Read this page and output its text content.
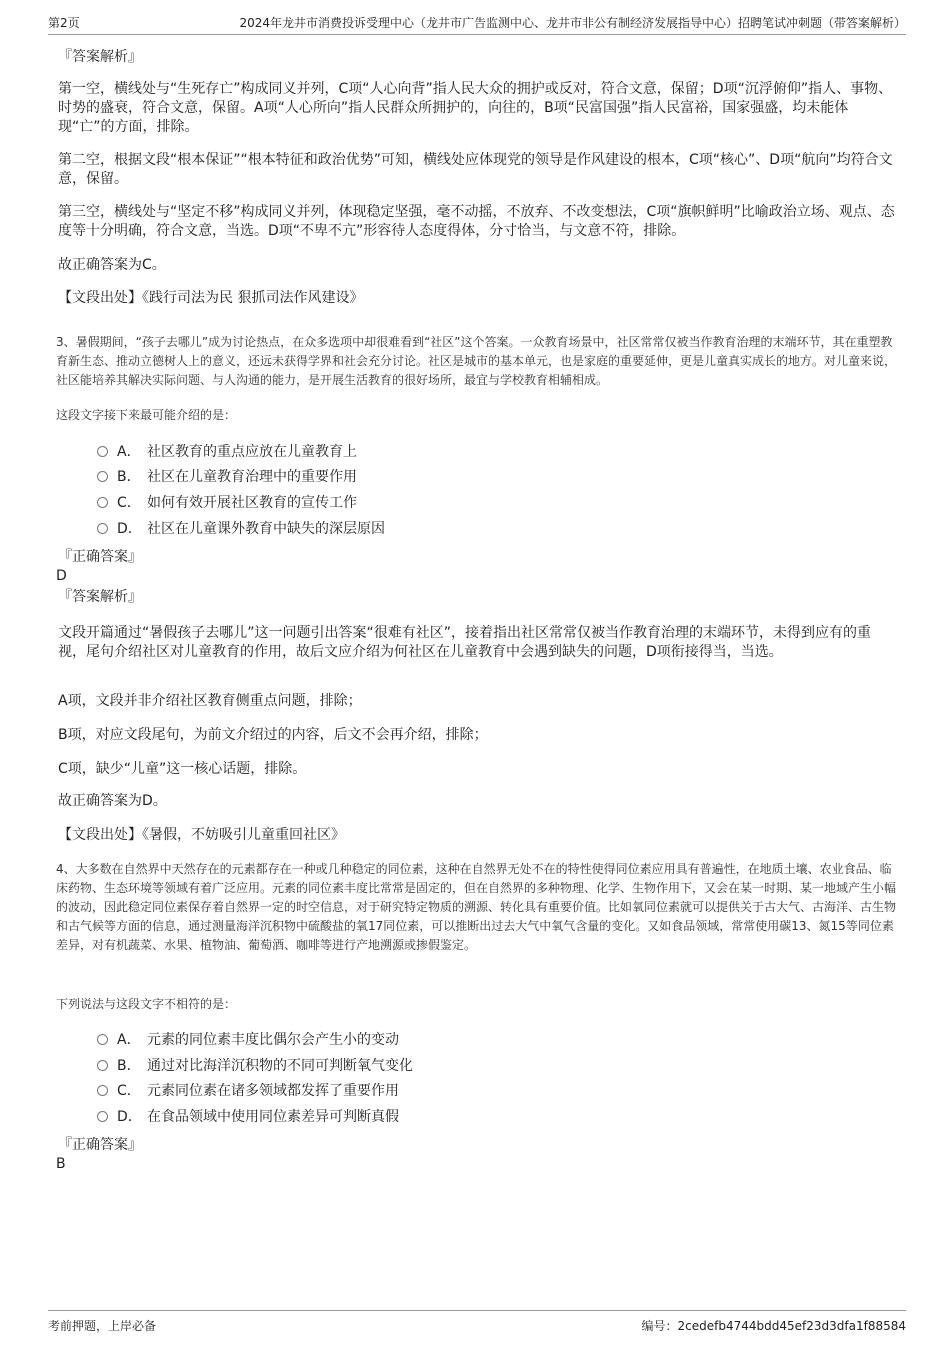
第2页	2024年龙井市消费投诉受理中心（龙井市广告监测中心、龙井市非公有制经济发展指导中心）招聘笔试冲刺题（带答案解析）
『答案解析』
第一空，横线处与“生死存亡”构成同义并列，C项“人心向背”指人民大众的拥护或反对，符合文意，保留；D项“沉浮俯仰”指人、事物、时势的盛衰，符合文意，保留。A项“人心所向”指人民群众所拥护的，向往的，B项“民富国强”指人民富裕，国家强盛，均未能体现“亡”的方面，排除。
第二空，根据文段“根本保证”“根本特征和政治优势”可知，横线处应体现党的领导是作风建设的根本，C项“核心”、D项“航向”均符合文意，保留。
第三空，横线处与“坚定不移”构成同义并列，体现稳定坚强，毫不动摇，不放弃、不改变想法，C项“旗帜鲜明”比喻政治立场、观点、态度等十分明确，符合文意，当选。D项“不卑不亢”形容待人态度得体，分寸恰当，与文意不符，排除。
故正确答案为C。
【文段出处】《践行司法为民 狠抓司法作风建设》
3、暑假期间，“孩子去哪儿”成为讨论热点，在众多选项中却很难看到“社区”这个答案。一众教育场景中，社区常常仅被当作教育治理的末端环节，其在重塑教育新生态、推动立德树人上的意义，还远未获得学界和社会充分讨论。社区是城市的基本单元，也是家庭的重要延伸，更是儿童真实成长的地方。对儿童来说，社区能培养其解决实际问题、与人沟通的能力，是开展生活教育的很好场所，最宜与学校教育相辅相成。
这段文字接下来最可能介绍的是：
A． 社区教育的重点应放在儿童教育上
B． 社区在儿童教育治理中的重要作用
C． 如何有效开展社区教育的宣传工作
D． 社区在儿童课外教育中缺失的深层原因
『正确答案』
D
『答案解析』
文段开篇通过“暑假孩子去哪儿”这一问题引出答案“很难有社区”，接着指出社区常常仅被当作教育治理的末端环节，未得到应有的重视，尾句介绍社区对儿童教育的作用，故后文应介绍为何社区在儿童教育中会遇到缺失的问题，D项衔接得当，当选。
A项，文段并非介绍社区教育侧重点问题，排除；
B项，对应文段尾句，为前文介绍过的内容，后文不会再介绍，排除；
C项，缺少“儿童”这一核心话题，排除。
故正确答案为D。
【文段出处】《暑假，不妨吸引儿童重回社区》
4、大多数在自然界中天然存在的元素都存在一种或几种稳定的同位素，这种在自然界无处不在的特性使得同位素应用具有普遍性，在地质土壤、农业食品、临床药物、生态环境等领域有着广泛应用。元素的同位素丰度比常常是固定的，但在自然界的多种物理、化学、生物作用下，又会在某一时期、某一地域产生小幅的波动，因此稳定同位素保存着自然界一定的时空信息，对于研究特定物质的溯源、转化具有重要价值。比如氧同位素就可以提供关于古大气、古海洋、古生物和古气候等方面的信息，通过测量海洋沉积物中硫酸盐的氧17同位素，可以推断出过去大气中氧气含量的变化。又如食品领域，常常使用碳13、氮15等同位素差异，对有机蔬菜、水果、植物油、葡萄酒、咖啡等进行产地溯源或掺假鉴定。
下列说法与这段文字不相符的是：
A． 元素的同位素丰度比偶尔会产生小的变动
B． 通过对比海洋沉积物的不同可判断氧气变化
C． 元素同位素在诸多领域都发挥了重要作用
D． 在食品领域中使用同位素差异可判断真假
『正确答案』
B
考前押题，上岸必备	编号：2cedefb4744bdd45ef23d3dfa1f88584
